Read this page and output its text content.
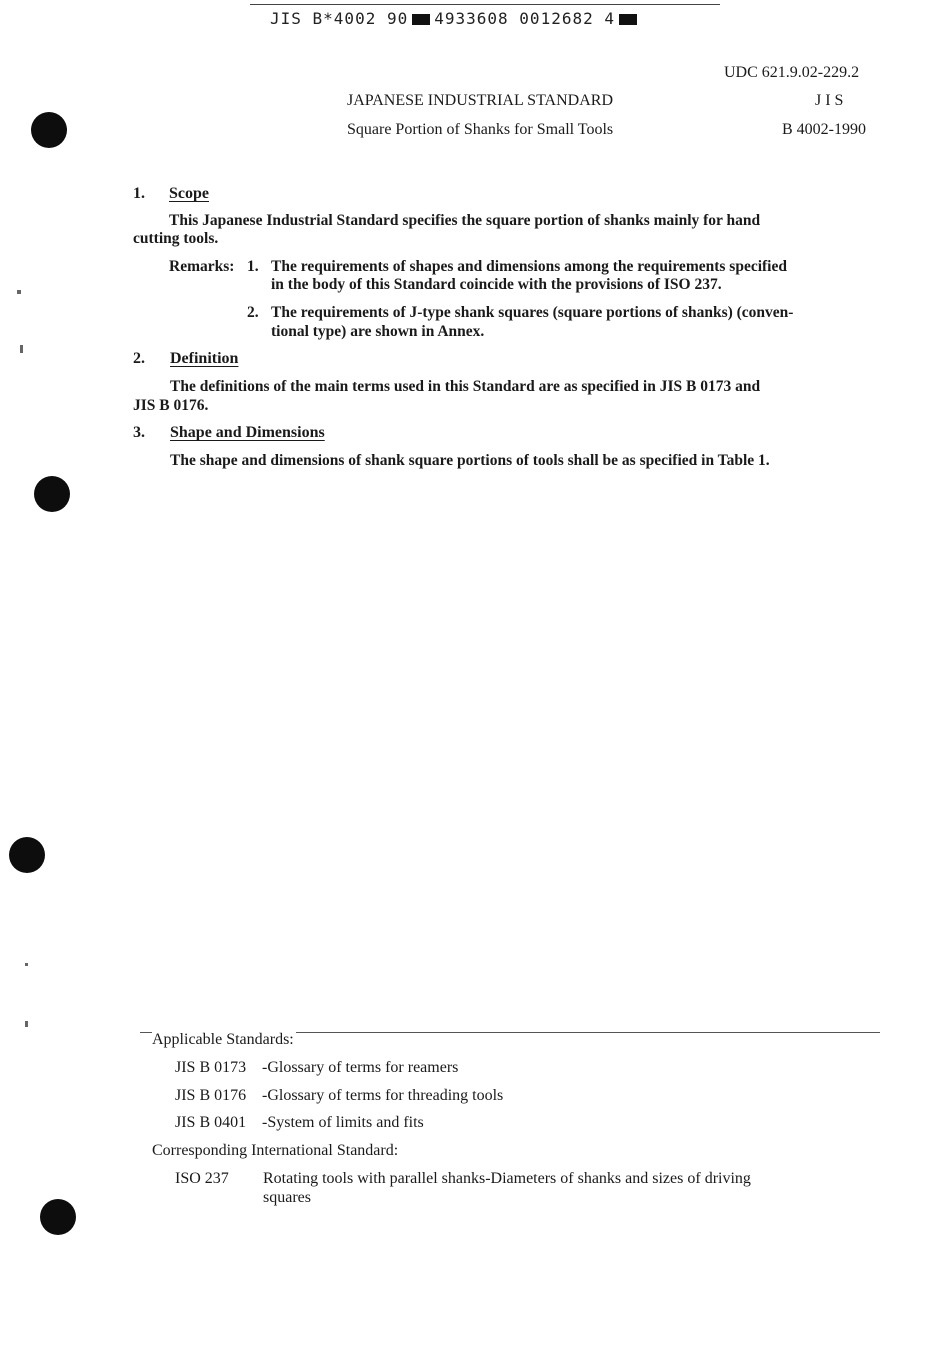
JIS B*4002 90 4933608 0012682 4
UDC 621.9.02-229.2
JAPANESE INDUSTRIAL STANDARD	J I S
Square Portion of Shanks for Small Tools	B 4002-1990
1. Scope
This Japanese Industrial Standard specifies the square portion of shanks mainly for hand
cutting tools.
Remarks: 1. The requirements of shapes and dimensions among the requirements specified
in the body of this Standard coincide with the provisions of ISO 237.
2. The requirements of J-type shank squares (square portions of shanks) (conven-
tional type) are shown in Annex.
2. Definition
The definitions of the main terms used in this Standard are as specified in JIS B 0173 and
JIS B 0176.
3. Shape and Dimensions
The shape and dimensions of shank square portions of tools shall be as specified in Table 1.
Applicable Standards:
JIS B 0173 -Glossary of terms for reamers
JIS B 0176 -Glossary of terms for threading tools
JIS B 0401 -System of limits and fits
Corresponding International Standard:
ISO 237 Rotating tools with parallel shanks-Diameters of shanks and sizes of driving
squares
